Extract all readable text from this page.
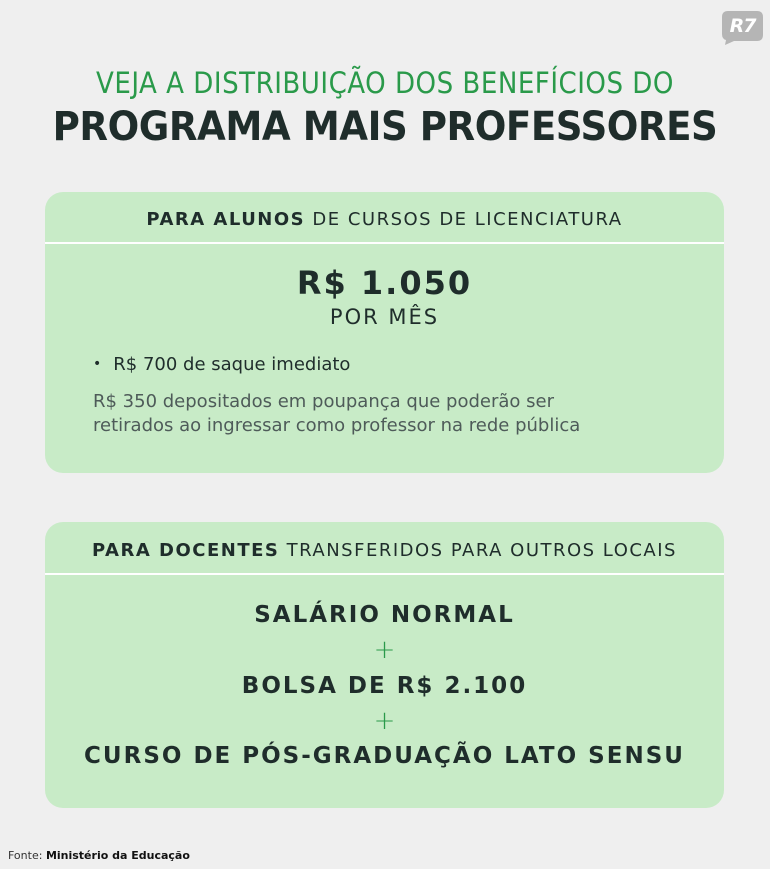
R7
VEJA A DISTRIBUIÇÃO DOS BENEFÍCIOS DO
PROGRAMA MAIS PROFESSORES
PARA ALUNOS DE CURSOS DE LICENCIATURA
R$ 1.050
POR MÊS
• R$ 700 de saque imediato
R$ 350 depositados em poupança que poderão ser
retirados ao ingressar como professor na rede pública
PARA DOCENTES TRANSFERIDOS PARA OUTROS LOCAIS
SALÁRIO NORMAL
+
BOLSA DE R$ 2.100
+
CURSO DE PÓS-GRADUAÇÃO LATO SENSU
Fonte: Ministério da Educação
